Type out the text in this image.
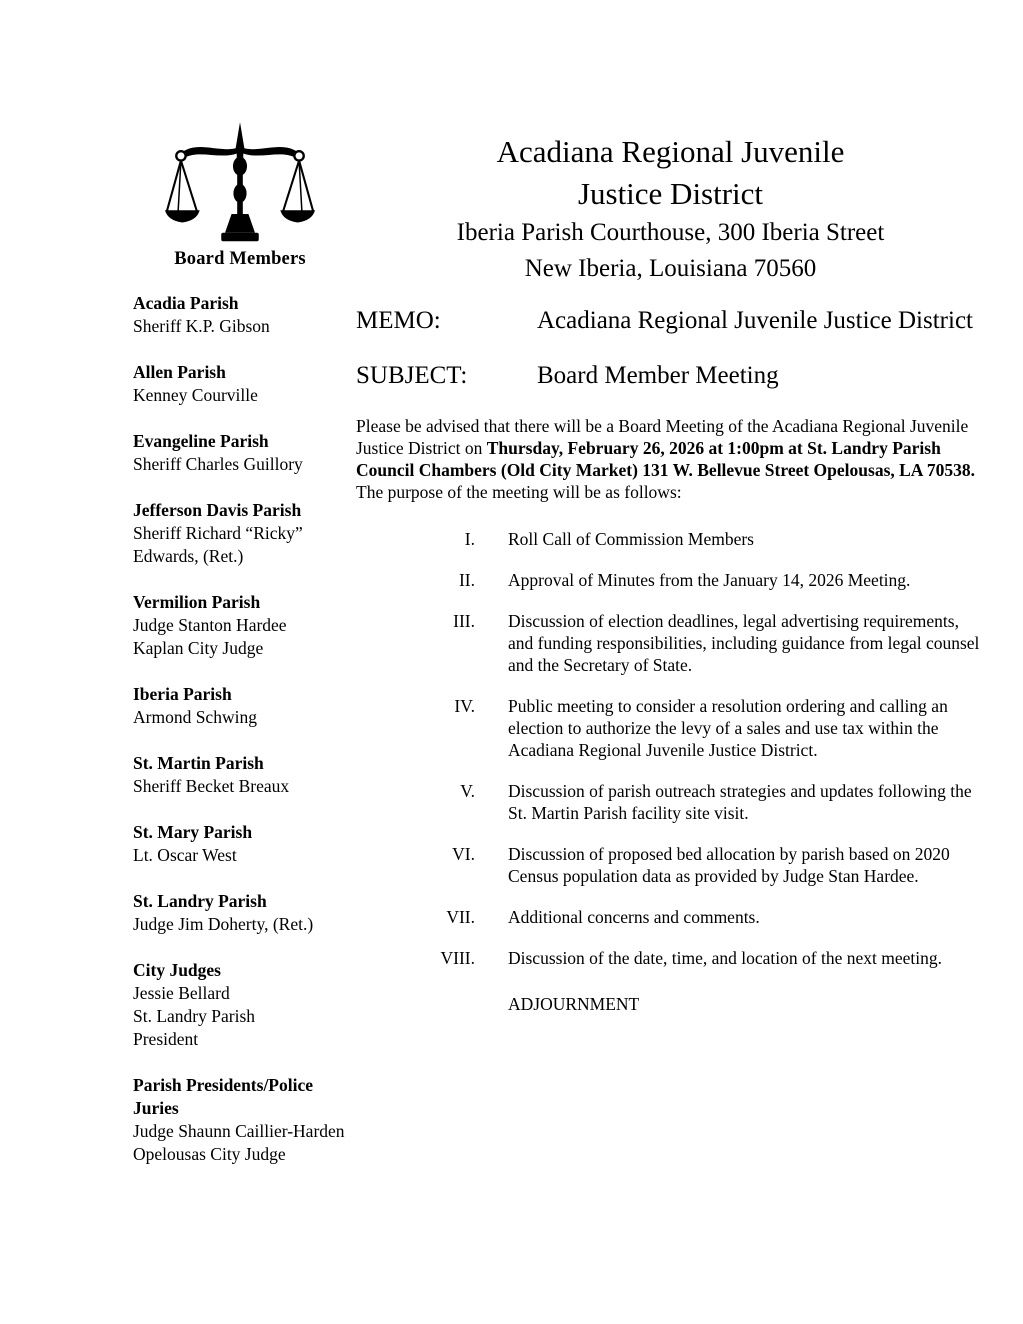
Board Members
Acadia Parish
Sheriff K.P. Gibson
Allen Parish
Kenney Courville
Evangeline Parish
Sheriff Charles Guillory
Jefferson Davis Parish
Sheriff Richard “Ricky” Edwards, (Ret.)
Vermilion Parish
Judge Stanton Hardee
Kaplan City Judge
Iberia Parish
Armond Schwing
St. Martin Parish
Sheriff Becket Breaux
St. Mary Parish
Lt. Oscar West
St. Landry Parish
Judge Jim Doherty, (Ret.)
City Judges
Jessie Bellard
St. Landry Parish
President
Parish Presidents/Police Juries
Judge Shaunn Caillier-Harden
Opelousas City Judge
Acadiana Regional Juvenile
Justice District
Iberia Parish Courthouse, 300 Iberia Street
New Iberia, Louisiana 70560
MEMO:	Acadiana Regional Juvenile Justice District
SUBJECT:	Board Member Meeting
Please be advised that there will be a Board Meeting of the Acadiana Regional Juvenile Justice District on Thursday, February 26, 2026 at 1:00pm at St. Landry Parish Council Chambers (Old City Market) 131 W. Bellevue Street Opelousas, LA 70538.  The purpose of the meeting will be as follows:
I. Roll Call of Commission Members
II. Approval of Minutes from the January 14, 2026 Meeting.
III. Discussion of election deadlines, legal advertising requirements, and funding responsibilities, including guidance from legal counsel and the Secretary of State.
IV. Public meeting to consider a resolution ordering and calling an election to authorize the levy of a sales and use tax within the Acadiana Regional Juvenile Justice District.
V. Discussion of parish outreach strategies and updates following the St. Martin Parish facility site visit.
VI. Discussion of proposed bed allocation by parish based on 2020 Census population data as provided by Judge Stan Hardee.
VII. Additional concerns and comments.
VIII. Discussion of the date, time, and location of the next meeting.
ADJOURNMENT
